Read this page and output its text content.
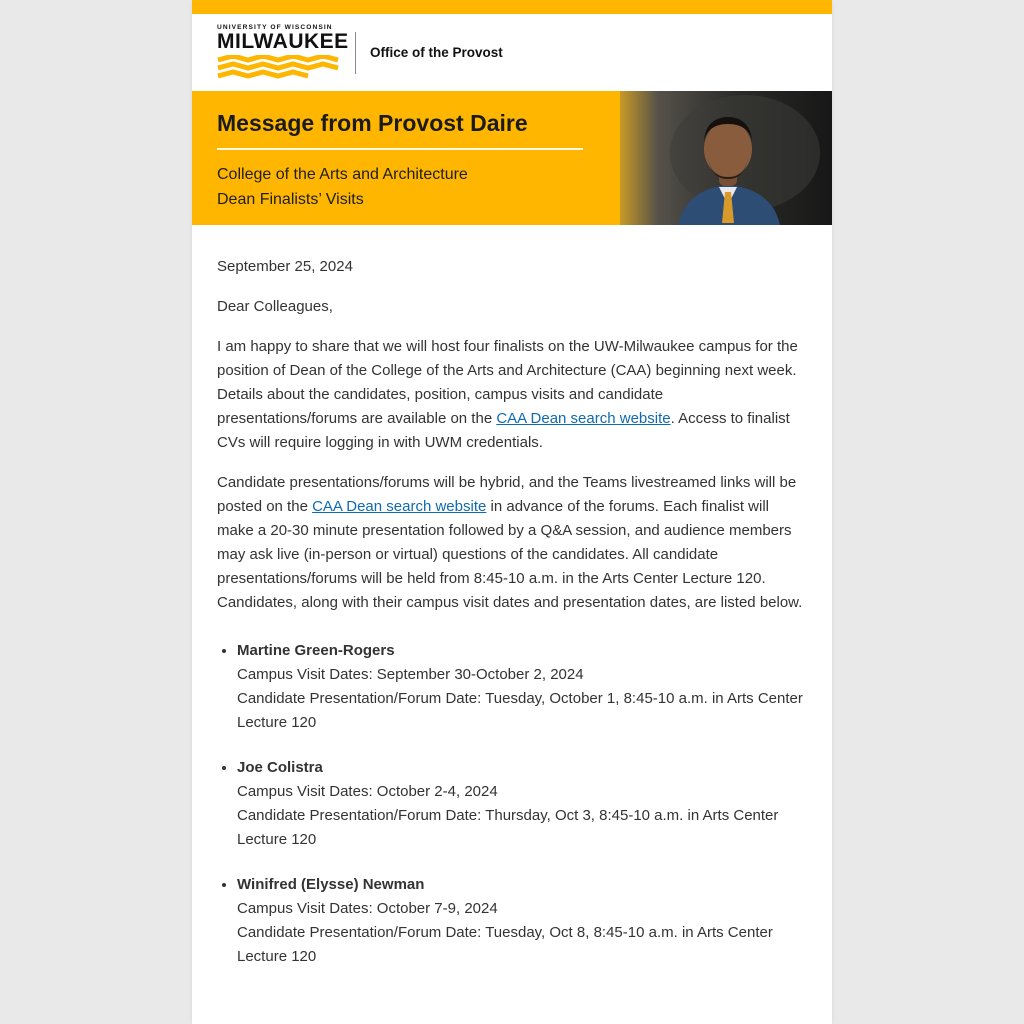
UNIVERSITY OF WISCONSIN
MILWAUKEE Office of the Provost
Message from Provost Daire
College of the Arts and Architecture
Dean Finalists’ Visits

September 25, 2024

Dear Colleagues,

I am happy to share that we will host four finalists on the UW-Milwaukee campus for the position of Dean of the College of the Arts and Architecture (CAA) beginning next week. Details about the candidates, position, campus visits and candidate presentations/forums are available on the CAA Dean search website. Access to finalist CVs will require logging in with UWM credentials.

Candidate presentations/forums will be hybrid, and the Teams livestreamed links will be posted on the CAA Dean search website in advance of the forums. Each finalist will make a 20-30 minute presentation followed by a Q&A session, and audience members may ask live (in-person or virtual) questions of the candidates. All candidate presentations/forums will be held from 8:45-10 a.m. in the Arts Center Lecture 120. Candidates, along with their campus visit dates and presentation dates, are listed below.

• Martine Green-Rogers
Campus Visit Dates: September 30-October 2, 2024
Candidate Presentation/Forum Date: Tuesday, October 1, 8:45-10 a.m. in Arts Center Lecture 120
• Joe Colistra
Campus Visit Dates: October 2-4, 2024
Candidate Presentation/Forum Date: Thursday, Oct 3, 8:45-10 a.m. in Arts Center Lecture 120
• Winifred (Elysse) Newman
Campus Visit Dates: October 7-9, 2024
Candidate Presentation/Forum Date: Tuesday, Oct 8, 8:45-10 a.m. in Arts Center Lecture 120
